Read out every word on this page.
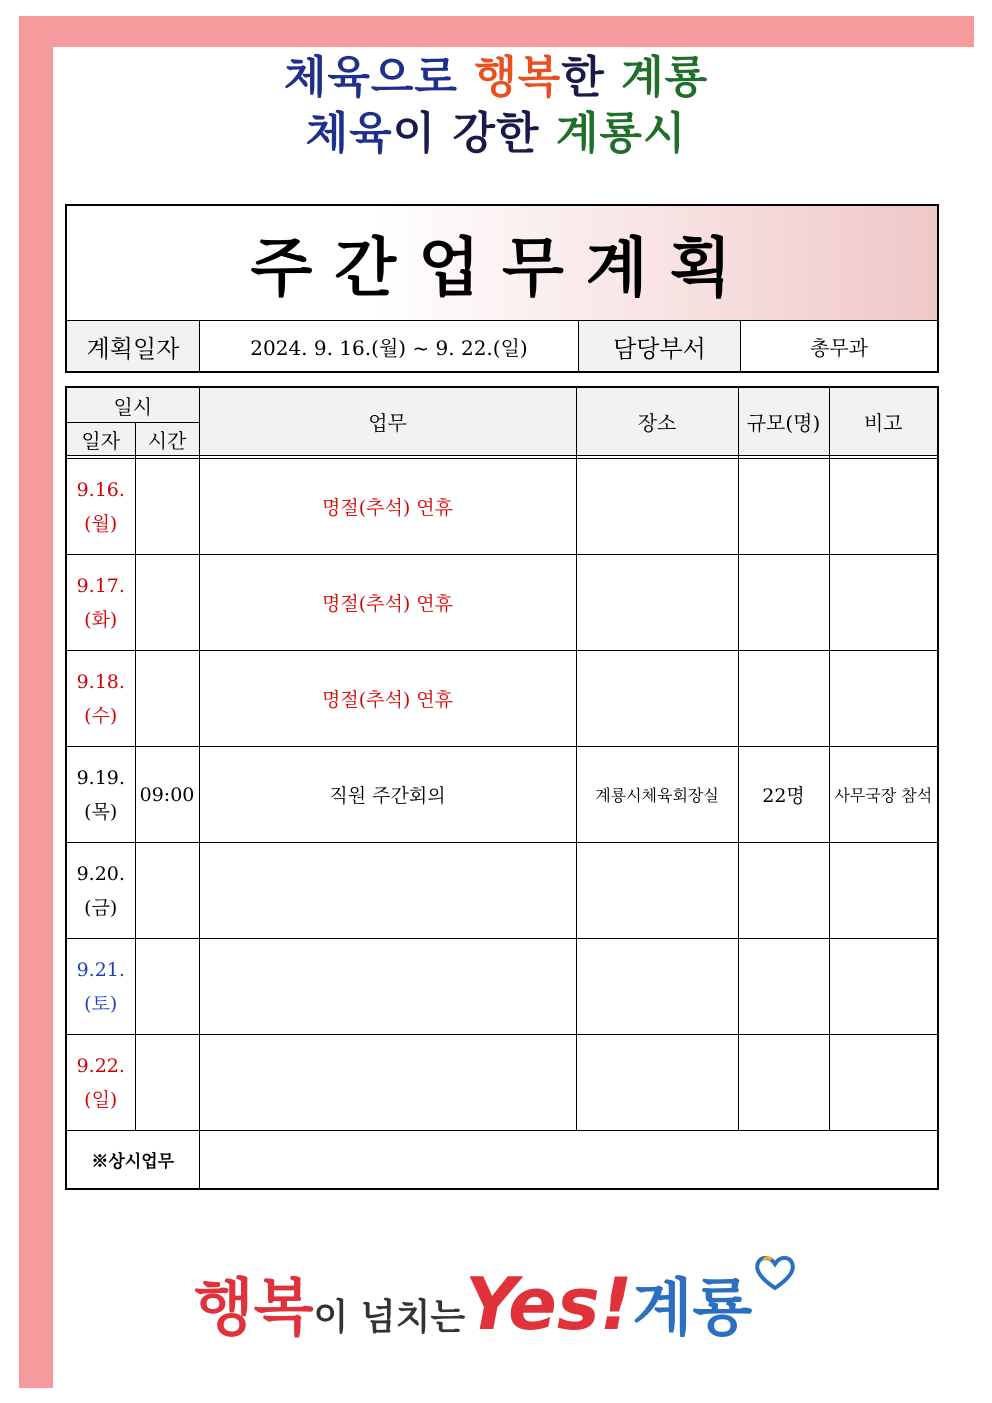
체육으로 행복한 계룡
체육이 강한 계룡시
주간업무계획
계획일자	2024. 9. 16.(월) ~ 9. 22.(일)	담당부서	총무과
일시		업무	장소	규모(명)	비고
일자	시간				

9.16.
(월)		명절(추석) 연휴			

9.17.
(화)		명절(추석) 연휴			

9.18.
(수)		명절(추석) 연휴			

9.19.
(목)	09:00	직원 주간회의	계룡시체육회장실	22명	사무국장 참석

9.20.
(금)					

9.21.
(토)					

9.22.
(일)					

※상시업무					
행복이 넘치는Yes!계룡
